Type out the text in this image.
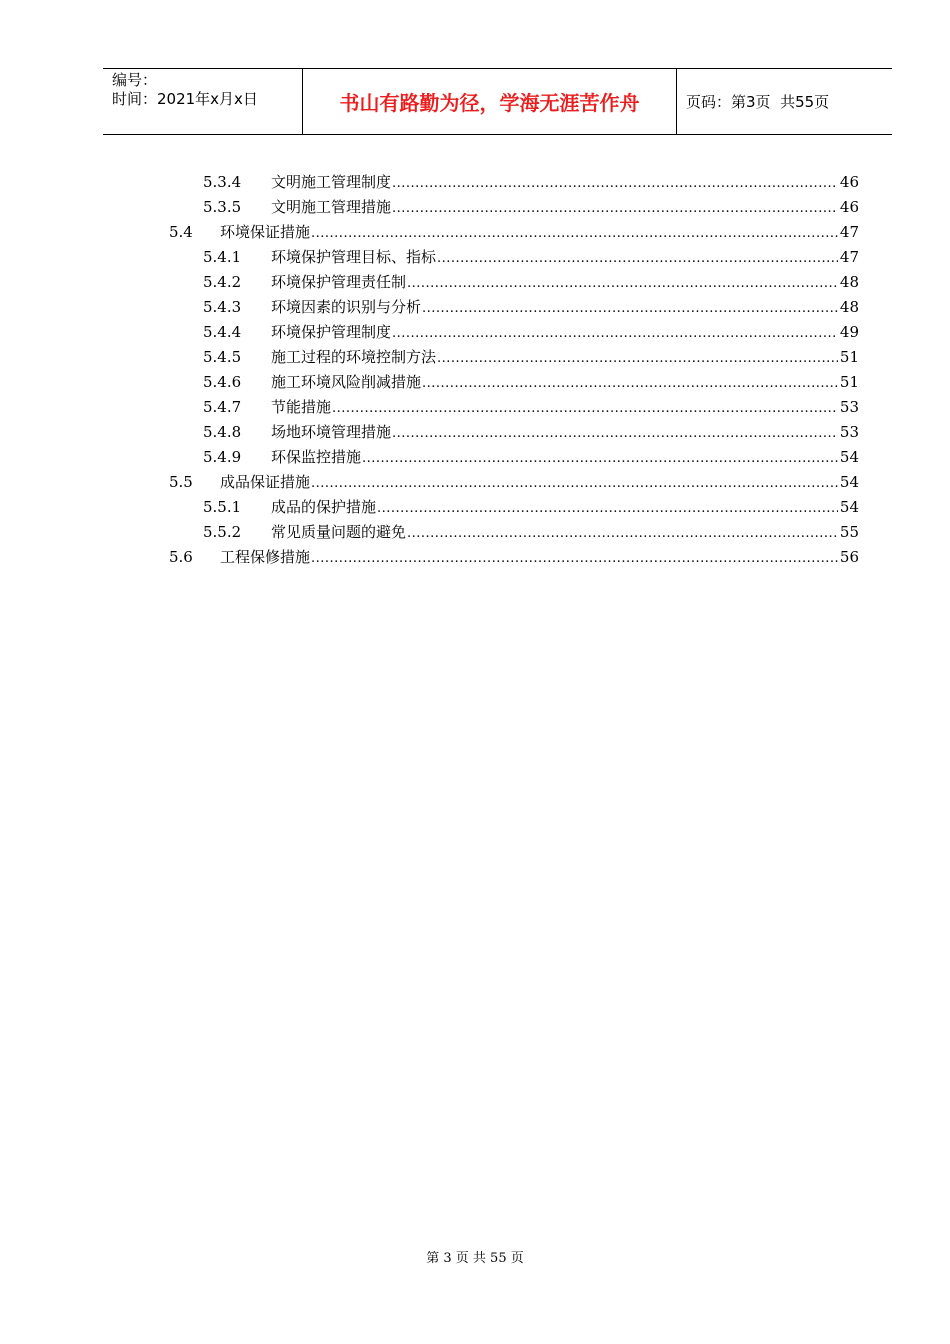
编号：
时间：2021年x月x日	书山有路勤为径，学海无涯苦作舟	页码：第3页  共55页
5.3.4 文明施工管理制度 .....	46
5.3.5 文明施工管理措施 .....	46
5.4 环境保证措施 .....	47
5.4.1 环境保护管理目标、指标 .....	47
5.4.2 环境保护管理责任制 .....	48
5.4.3 环境因素的识别与分析 .....	48
5.4.4 环境保护管理制度 .....	49
5.4.5 施工过程的环境控制方法 .....	51
5.4.6 施工环境风险削减措施 .....	51
5.4.7 节能措施 .....	53
5.4.8 场地环境管理措施 .....	53
5.4.9 环保监控措施 .....	54
5.5 成品保证措施 .....	54
5.5.1 成品的保护措施 .....	54
5.5.2 常见质量问题的避免 .....	55
5.6 工程保修措施 .....	56
第 3 页 共 55 页
